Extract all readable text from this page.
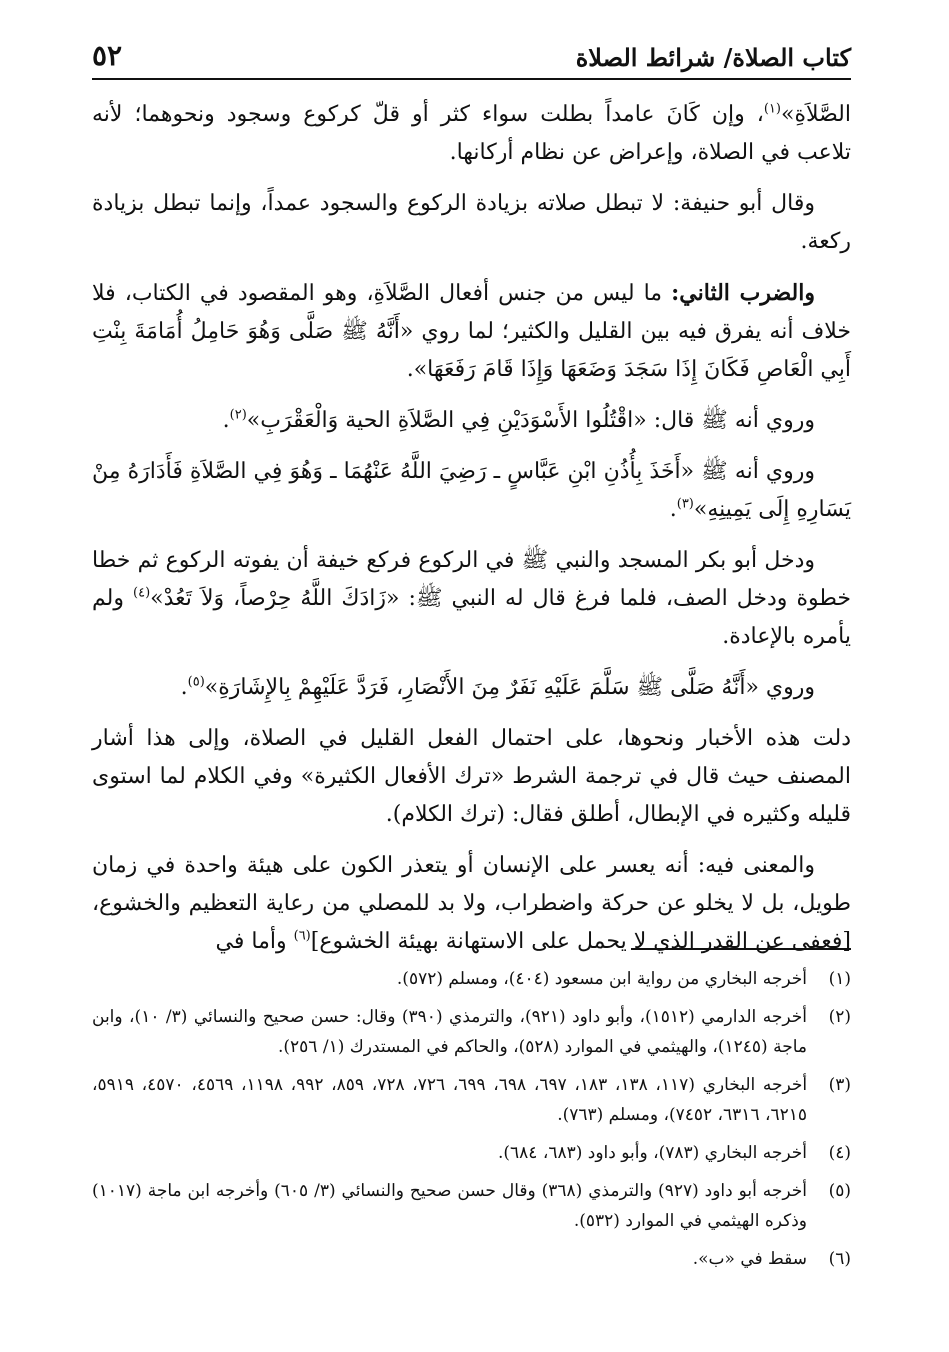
كتاب الصلاة/ شرائط الصلاة
٥٢

الصَّلاَةِ»$^{(١)}$، وإن كَانَ عامداً بطلت سواء كثر أو قلّ كركوع وسجود ونحوهما؛ لأنه تلاعب في الصلاة، وإعراض عن نظام أركانها.

وقال أبو حنيفة: لا تبطل صلاته بزيادة الركوع والسجود عمداً، وإنما تبطل بزيادة ركعة.

والضرب الثاني: ما ليس من جنس أفعال الصَّلاَةِ، وهو المقصود في الكتاب، فلا خلاف أنه يفرق فيه بين القليل والكثير؛ لما روي «أَنَّهُ ﷺ صَلَّى وَهُوَ حَامِلُ أُمَامَةَ بِنْتِ أَبِي الْعَاصِ فَكَانَ إِذَا سَجَدَ وَضَعَهَا وَإِذَا قَامَ رَفَعَهَا».

وروي أنه ﷺ قال: «اقْتُلُوا الأَسْوَدَيْنِ فِي الصَّلاَةِ الحية وَالْعَقْرَبِ»$^{(٢)}$.

وروي أنه ﷺ «أَخَذَ بِأُذُنِ ابْنِ عَبَّاسٍ ـ رَضِيَ اللَّهُ عَنْهُمَا ـ وَهُوَ فِي الصَّلاَةِ فَأَدَارَهُ مِنْ يَسَارِهِ إِلَى يَمِينِهِ»$^{(٣)}$.

ودخل أبو بكر المسجد والنبي ﷺ في الركوع فركع خيفة أن يفوته الركوع ثم خطا خطوة ودخل الصف، فلما فرغ قال له النبي ﷺ: «زَادَكَ اللَّهُ حِرْصاً، وَلاَ تَعُدْ»$^{(٤)}$ ولم يأمره بالإعادة.

وروي «أَنَّهُ صَلَّى ﷺ سَلَّمَ عَلَيْهِ نَفَرٌ مِنَ الأَنْصَارِ، فَرَدَّ عَلَيْهِمْ بِالإِشَارَةِ»$^{(٥)}$.

دلت هذه الأخبار ونحوها، على احتمال الفعل القليل في الصلاة، وإلى هذا أشار المصنف حيث قال في ترجمة الشرط «ترك الأفعال الكثيرة» وفي الكلام لما استوى قليله وكثيره في الإبطال، أطلق فقال: (ترك الكلام).

والمعنى فيه: أنه يعسر على الإنسان أو يتعذر الكون على هيئة واحدة في زمان طويل، بل لا يخلو عن حركة واضطراب، ولا بد للمصلي من رعاية التعظيم والخشوع، [فعفى عن القدر الذي لا يحمل على الاستهانة بهيئة الخشوع]$^{(٦)}$ وأما في

(١)
أخرجه البخاري من رواية ابن مسعود (٤٠٤)، ومسلم (٥٧٢).
(٢)
أخرجه الدارمي (١٥١٢)، وأبو داود (٩٢١)، والترمذي (٣٩٠) وقال: حسن صحيح والنسائي (٣/ ١٠)، وابن ماجة (١٢٤٥)، والهيثمي في الموارد (٥٢٨)، والحاكم في المستدرك (١/ ٢٥٦).
(٣)
أخرجه البخاري (١١٧، ١٣٨، ١٨٣، ٦٩٧، ٦٩٨، ٦٩٩، ٧٢٦، ٧٢٨، ٨٥٩، ٩٩٢، ١١٩٨، ٤٥٦٩، ٤٥٧٠، ٥٩١٩، ٦٢١٥، ٦٣١٦، ٧٤٥٢)، ومسلم (٧٦٣).
(٤)
أخرجه البخاري (٧٨٣)، وأبو داود (٦٨٣، ٦٨٤).
(٥)
أخرجه أبو داود (٩٢٧) والترمذي (٣٦٨) وقال حسن صحيح والنسائي (٣/ ٦٠٥) وأخرجه ابن ماجة (١٠١٧) وذكره الهيثمي في الموارد (٥٣٢).
(٦)
سقط في «ب».
